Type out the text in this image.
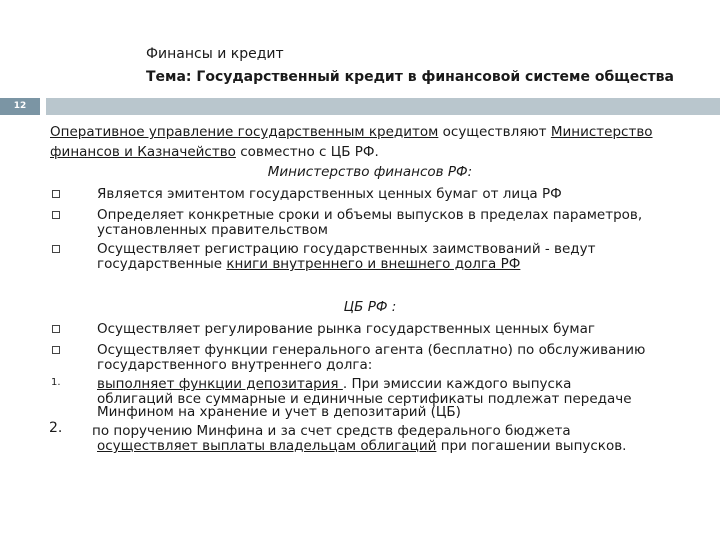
Финансы и кредит
Тема: Государственный кредит в финансовой системе общества
12
Оперативное управление государственным кредитом осуществляют Министерство финансов и Казначейство совместно с ЦБ РФ.
Министерство финансов РФ:
Является эмитентом государственных ценных бумаг от лица РФ
Определяет конкретные сроки и объемы выпусков в пределах параметров,
установленных правительством
Осуществляет регистрацию государственных заимствований - ведут
государственные книги внутреннего и внешнего долга РФ
ЦБ РФ :
Осуществляет регулирование рынка государственных ценных бумаг
Осуществляет функции генерального агента (бесплатно) по обслуживанию
государственного внутреннего долга:
1.	выполняет функции депозитария . При эмиссии каждого выпуска
облигаций все суммарные и единичные сертификаты подлежат передаче
Минфином на хранение и учет в депозитарий (ЦБ)
2. по поручению Минфина и за счет средств федерального бюджета
осуществляет выплаты владельцам облигаций при погашении выпусков.
